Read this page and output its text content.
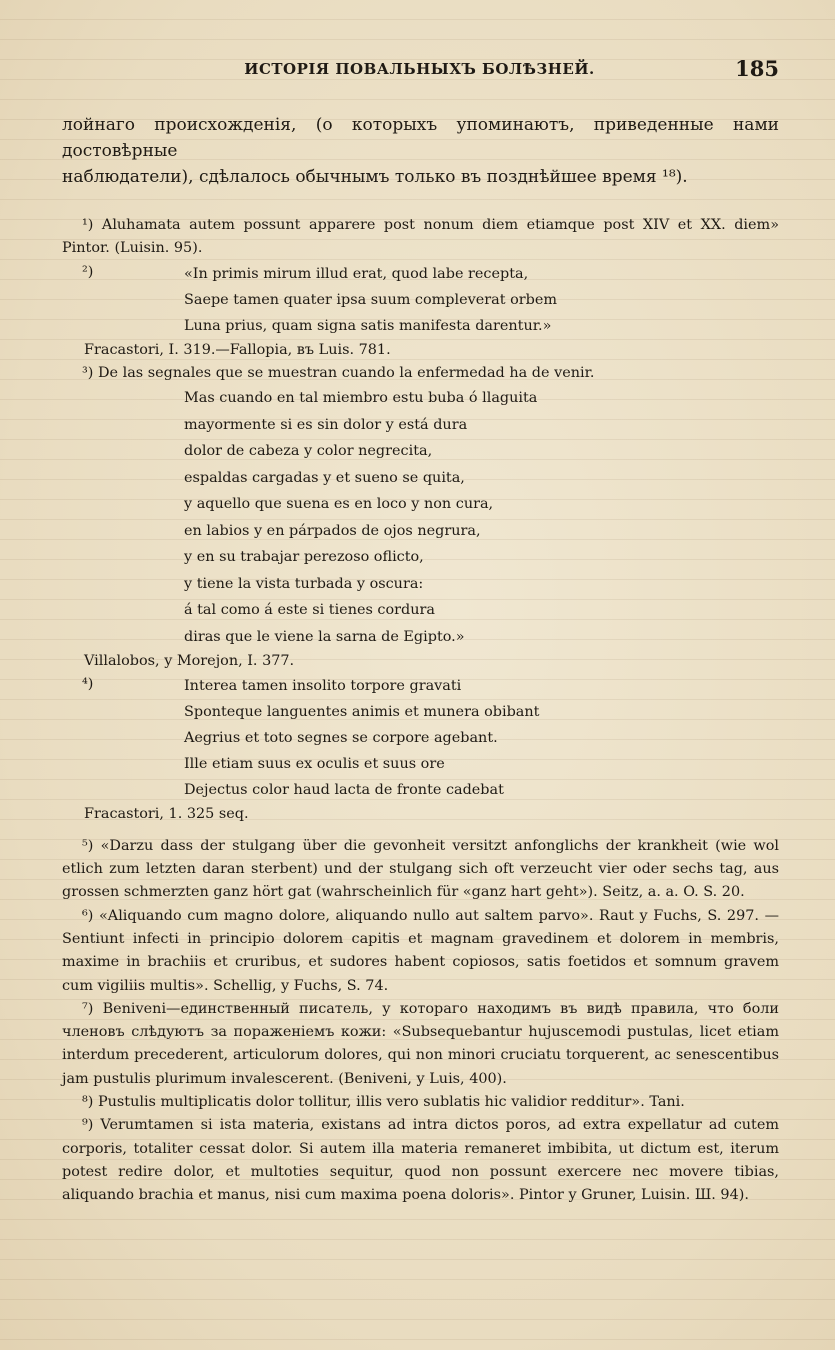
ИСТОРІЯ ПОВАЛЬНЫХЪ БОЛѢЗНЕЙ.	185

лойнаго происхожденія, (о которыхъ упоминаютъ, приведенные нами достовѣрные

наблюдатели), сдѣлалось обычнымъ только въ позднѣйшее время ¹⁸).

¹) Aluhamata autem possunt apparere post nonum diem etiamque post XIV et XX. diem» Pintor. (Luisin. 95).

²)	«In primis mirum illud erat, quod labe recepta,

Saepe tamen quater ipsa suum compleverat orbem

Luna prius, quam signa satis manifesta darentur.»

Fracastori, I. 319.—Fallopia, въ Luis. 781.

³) De las segnales que se muestran cuando la enfermedad ha de venir.

Mas cuando en tal miembro estu buba ó llaguita

mayormente si es sin dolor y está dura

dolor de cabeza y color negrecita,

espaldas cargadas y et sueno se quita,

y aquello que suena es en loco y non cura,

en labios y en párpados de ojos negrura,

y en su trabajar perezoso oflicto,

y tiene la vista turbada y oscura:

á tal como á este si tienes cordura

diras que le viene la sarna de Egipto.»

Villalobos, y Morejon, I. 377.

⁴)	Interea tamen insolito torpore gravati

Sponteque languentes animis et munera obibant

Aegrius et toto segnes se corpore agebant.

Ille etiam suus ex oculis et suus ore

Dejectus color haud lacta de fronte cadebat

Fracastori, 1. 325 seq.

⁵) «Darzu dass der stulgang über die gevonheit versitzt anfonglichs der krankheit (wie wol etlich zum letzten daran sterbent) und der stulgang sich oft verzeucht vier oder sechs tag, aus grossen schmerzten ganz hört gat (wahrscheinlich für «ganz hart geht»). Seitz, a. a. O. S. 20.

⁶) «Aliquando cum magno dolore, aliquando nullo aut saltem parvo». Raut y Fuchs, S. 297. — Sentiunt infecti in principio dolorem capitis et magnam gravedinem et dolorem in membris, maxime in brachiis et cruribus, et sudores habent copiosos, satis foetidos et somnum gravem cum vigiliis multis». Schellig, y Fuchs, S. 74.

⁷) Beniveni—единственный писатель, у котораго находимъ въ видѣ правила, что боли членовъ слѣдуютъ за пораженіемъ кожи: «Subsequebantur hujuscemodi pustulas, licet etiam interdum precederent, articulorum dolores, qui non minori cruciatu torquerent, ac senescentibus jam pustulis plurimum invalescerent. (Beniveni, y Luis, 400).

⁸) Pustulis multiplicatis dolor tollitur, illis vero sublatis hic validior redditur». Tani.

⁹) Verumtamen si ista materia, existans ad intra dictos poros, ad extra expellatur ad cutem corporis, totaliter cessat dolor. Si autem illa materia remaneret imbibita, ut dictum est, iterum potest redire dolor, et multoties sequitur, quod non possunt exercere nec movere tibias, aliquando brachia et manus, nisi cum maxima poena doloris». Pintor y Gruner, Luisin. Ш. 94).
